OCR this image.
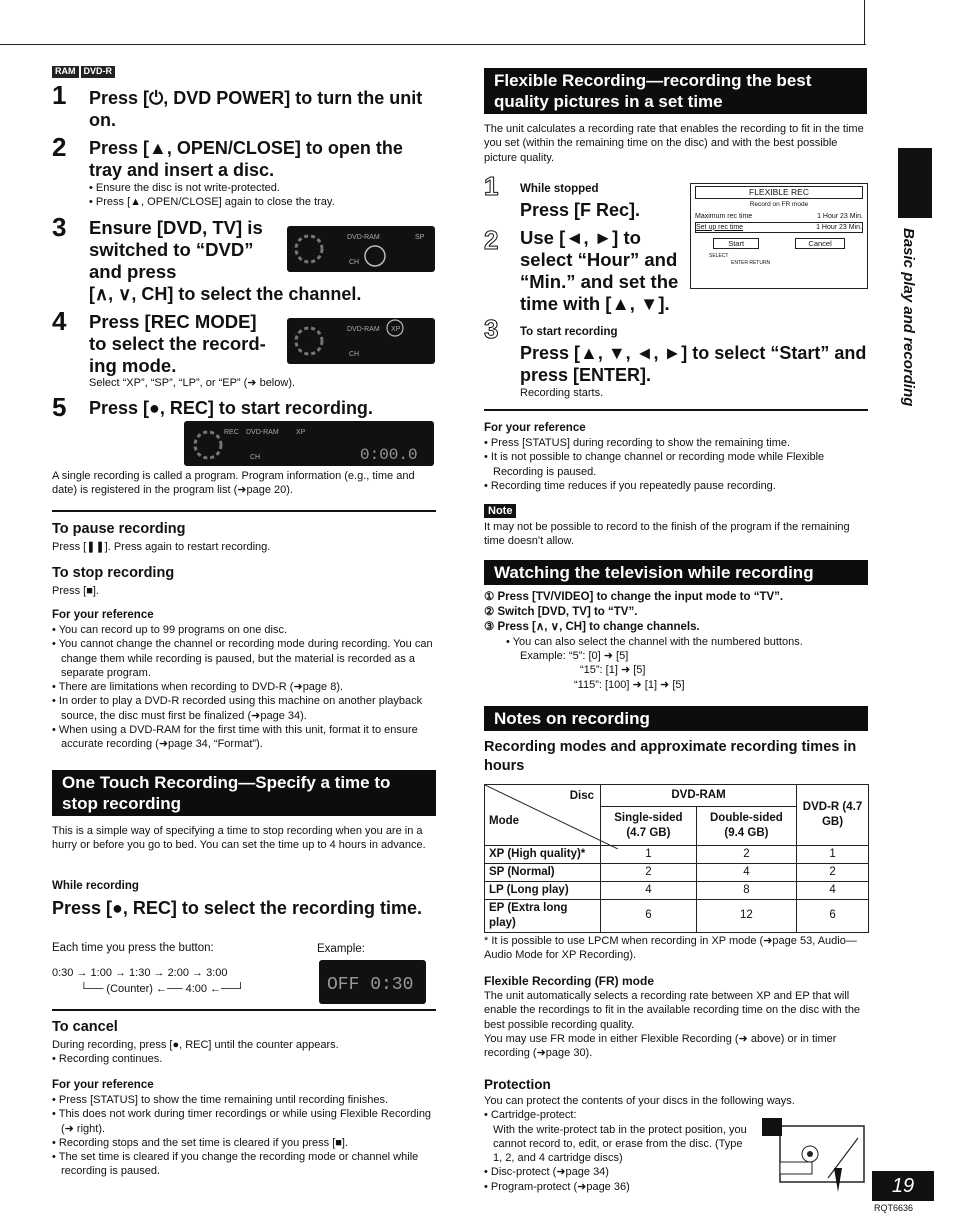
RAM DVD-R
1 Press [⏻, DVD POWER] to turn the unit on.
2 Press [▲, OPEN/CLOSE] to open the tray and insert a disc.
• Ensure the disc is not write-protected.
• Press [▲, OPEN/CLOSE] again to close the tray.
3 Ensure [DVD, TV] is switched to “DVD” and press
DVD-RAM	SP
CH
[∧, ∨, CH] to select the channel.
4 Press [REC MODE] to select the record-ing mode.
DVD-RAM XP
CH
Select “XP”, “SP”, “LP”, or “EP” (➜ below).
5 Press [●, REC] to start recording.
REC DVD-RAM XP
CH	0:00.0
A single recording is called a program. Program information (e.g., time and date) is registered in the program list (➜page 20).
To pause recording
Press [❚❚]. Press again to restart recording.
To stop recording
Press [■].
For your reference
• You can record up to 99 programs on one disc.
• You cannot change the channel or recording mode during recording. You can change them while recording is paused, but the material is recorded as a separate program.
• There are limitations when recording to DVD-R (➜page 8).
• In order to play a DVD-R recorded using this machine on another playback source, the disc must first be finalized (➜page 34).
• When using a DVD-RAM for the first time with this unit, format it to ensure accurate recording (➜page 34, “Format”).
One Touch Recording—Specify a time to stop recording
This is a simple way of specifying a time to stop recording when you are in a hurry or before you go to bed. You can set the time up to 4 hours in advance.
While recording
Press [●, REC] to select the recording time.
Each time you press the button:	Example:
0:30 → 1:00 → 1:30 → 2:00 → 3:00
└── (Counter) ←── 4:00 ←──┘	OFF 0:30
To cancel
During recording, press [●, REC] until the counter appears.
• Recording continues.
For your reference
• Press [STATUS] to show the time remaining until recording finishes.
• This does not work during timer recordings or while using Flexible Recording (➜ right).
• Recording stops and the set time is cleared if you press [■].
• The set time is cleared if you change the recording mode or channel while recording is paused.
Flexible Recording—recording the best quality pictures in a set time
The unit calculates a recording rate that enables the recording to fit in the time you set (within the remaining time on the disc) and with the best possible picture quality.
1 While stopped
Press [F Rec].
2 Use [◄, ►] to select “Hour” and “Min.” and set the time with [▲, ▼].
FLEXIBLE REC
Record on FR mode
Maximum rec time	1 Hour 23 Min.
Set up rec time	1 Hour 23 Min.
Start	Cancel
SELECT
ENTER RETURN
3 To start recording
Press [▲, ▼, ◄, ►] to select “Start” and press [ENTER].
Recording starts.
For your reference
• Press [STATUS] during recording to show the remaining time.
• It is not possible to change channel or recording mode while Flexible Recording is paused.
• Recording time reduces if you repeatedly pause recording.
Note
It may not be possible to record to the finish of the program if the remaining time doesn’t allow.
Watching the television while recording
① Press [TV/VIDEO] to change the input mode to “TV”.
② Switch [DVD, TV] to “TV”.
③ Press [∧, ∨, CH] to change channels.
• You can also select the channel with the numbered buttons.
Example: “5”: [0] ➜ [5]
“15”: [1] ➜ [5]
“115”: [100] ➜ [1] ➜ [5]
Notes on recording
Recording modes and approximate recording times in hours
Disc
Mode	DVD-RAM		DVD-R (4.7 GB)
	Single-sided (4.7 GB)	Double-sided (9.4 GB)	
XP (High quality)*	1	2	1
SP (Normal)	2	4	2
LP (Long play)	4	8	4
EP (Extra long play)	6	12	6
* It is possible to use LPCM when recording in XP mode (➜page 53, Audio—Audio Mode for XP Recording).
Flexible Recording (FR) mode
The unit automatically selects a recording rate between XP and EP that will enable the recordings to fit in the available recording time on the disc with the best possible recording quality.
You may use FR mode in either Flexible Recording (➜ above) or in timer recording (➜page 30).
Protection
You can protect the contents of your discs in the following ways.
• Cartridge-protect:
With the write-protect tab in the protect position, you cannot record to, edit, or erase from the disc. (Type 1, 2, and 4 cartridge discs)
• Disc-protect (➜page 34)
• Program-protect (➜page 36)
Basic play and recording
19
RQT6636
